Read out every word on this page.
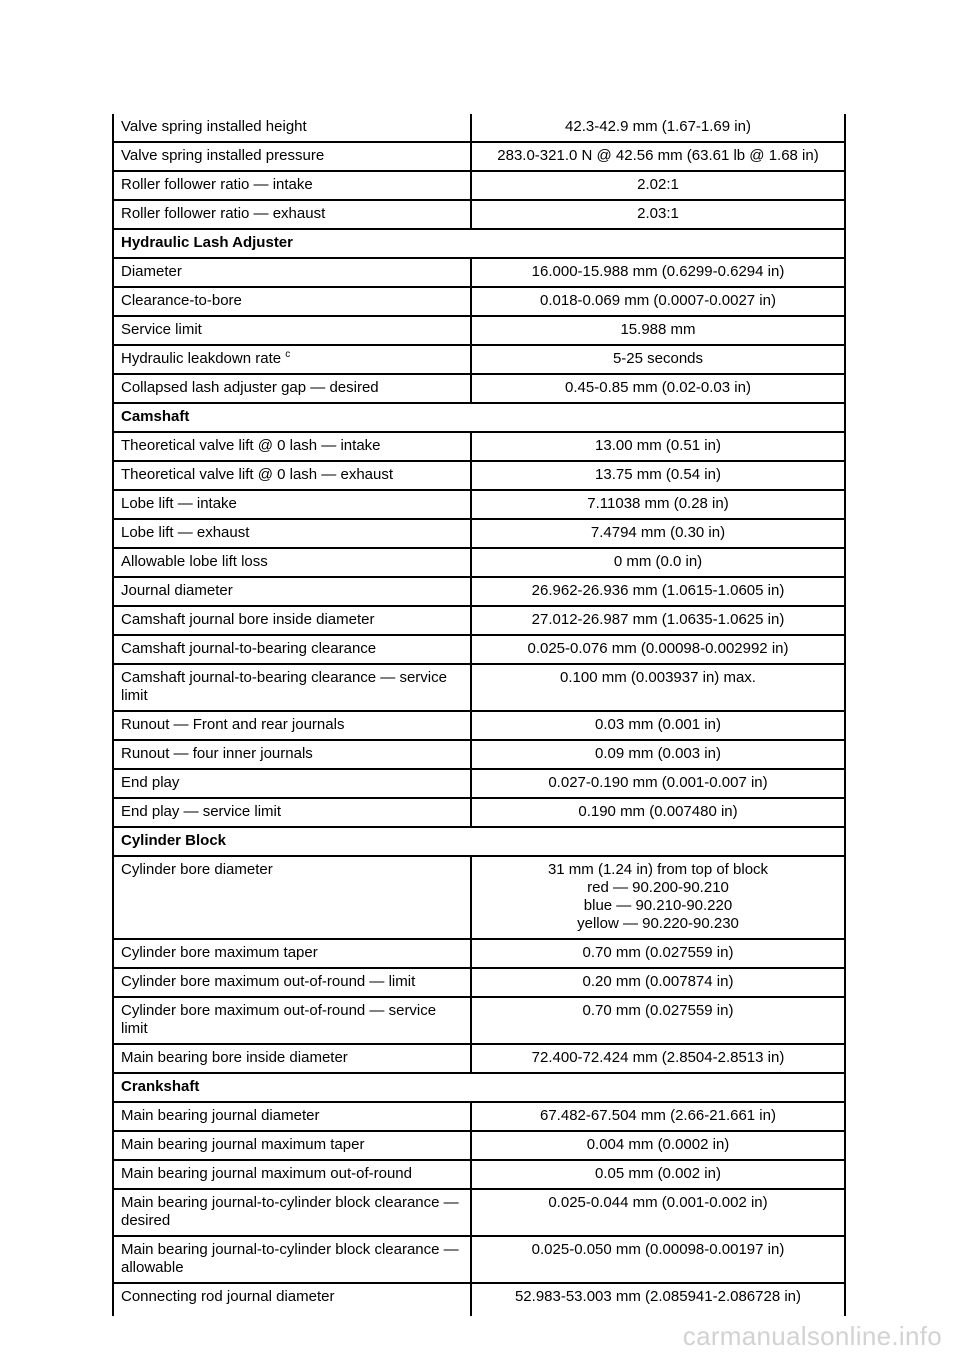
Valve spring installed height	42.3-42.9 mm (1.67-1.69 in)
Valve spring installed pressure	283.0-321.0 N @ 42.56 mm (63.61 lb @ 1.68 in)
Roller follower ratio — intake	2.02:1
Roller follower ratio — exhaust	2.03:1
Hydraulic Lash Adjuster	
Diameter	16.000-15.988 mm (0.6299-0.6294 in)
Clearance-to-bore	0.018-0.069 mm (0.0007-0.0027 in)
Service limit	15.988 mm
Hydraulic leakdown rate $^c$	5-25 seconds
Collapsed lash adjuster gap — desired	0.45-0.85 mm (0.02-0.03 in)
Camshaft	
Theoretical valve lift @ 0 lash — intake	13.00 mm (0.51 in)
Theoretical valve lift @ 0 lash — exhaust	13.75 mm (0.54 in)
Lobe lift — intake	7.11038 mm (0.28 in)
Lobe lift — exhaust	7.4794 mm (0.30 in)
Allowable lobe lift loss	0 mm (0.0 in)
Journal diameter	26.962-26.936 mm (1.0615-1.0605 in)
Camshaft journal bore inside diameter	27.012-26.987 mm (1.0635-1.0625 in)
Camshaft journal-to-bearing clearance	0.025-0.076 mm (0.00098-0.002992 in)
Camshaft journal-to-bearing clearance — service limit	0.100 mm (0.003937 in) max.
Runout — Front and rear journals	0.03 mm (0.001 in)
Runout — four inner journals	0.09 mm (0.003 in)
End play	0.027-0.190 mm (0.001-0.007 in)
End play — service limit	0.190 mm (0.007480 in)
Cylinder Block	
Cylinder bore diameter	31 mm (1.24 in) from top of block
red — 90.200-90.210
blue — 90.210-90.220
yellow — 90.220-90.230

Cylinder bore maximum taper	0.70 mm (0.027559 in)
Cylinder bore maximum out-of-round — limit	0.20 mm (0.007874 in)
Cylinder bore maximum out-of-round — service limit	0.70 mm (0.027559 in)
Main bearing bore inside diameter	72.400-72.424 mm (2.8504-2.8513 in)
Crankshaft	
Main bearing journal diameter	67.482-67.504 mm (2.66-21.661 in)
Main bearing journal maximum taper	0.004 mm (0.0002 in)
Main bearing journal maximum out-of-round	0.05 mm (0.002 in)
Main bearing journal-to-cylinder block clearance — desired	0.025-0.044 mm (0.001-0.002 in)
Main bearing journal-to-cylinder block clearance — allowable	0.025-0.050 mm (0.00098-0.00197 in)
Connecting rod journal diameter	52.983-53.003 mm (2.085941-2.086728 in)
carmanualsonline.info
